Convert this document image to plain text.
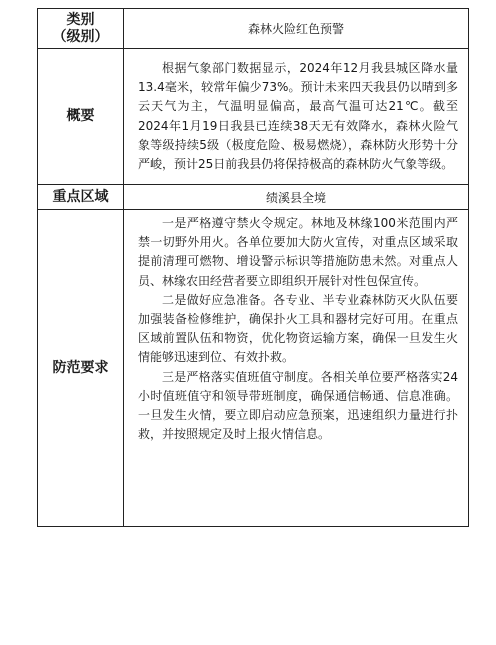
类别
（级别）	森林火险红色预警
概要	根据气象部门数据显示，2024年12月我县城区降水量13.4毫米，较常年偏少73%。预计未来四天我县仍以晴到多云天气为主，气温明显偏高，最高气温可达21℃。截至2024年1月19日我县已连续38天无有效降水，森林火险气象等级持续5级（极度危险、极易燃烧），森林防火形势十分严峻，预计25日前我县仍将保持极高的森林防火气象等级。

重点区域	绩溪县全境
防范要求	一是严格遵守禁火令规定。林地及林缘100米范围内严禁一切野外用火。各单位要加大防火宣传，对重点区域采取提前清理可燃物、增设警示标识等措施防患未然。对重点人员、林缘农田经营者要立即组织开展针对性包保宣传。

二是做好应急准备。各专业、半专业森林防灭火队伍要加强装备检修维护，确保扑火工具和器材完好可用。在重点区域前置队伍和物资，优化物资运输方案，确保一旦发生火情能够迅速到位、有效扑救。

三是严格落实值班值守制度。各相关单位要严格落实24小时值班值守和领导带班制度，确保通信畅通、信息准确。一旦发生火情，要立即启动应急预案，迅速组织力量进行扑救，并按照规定及时上报火情信息。
